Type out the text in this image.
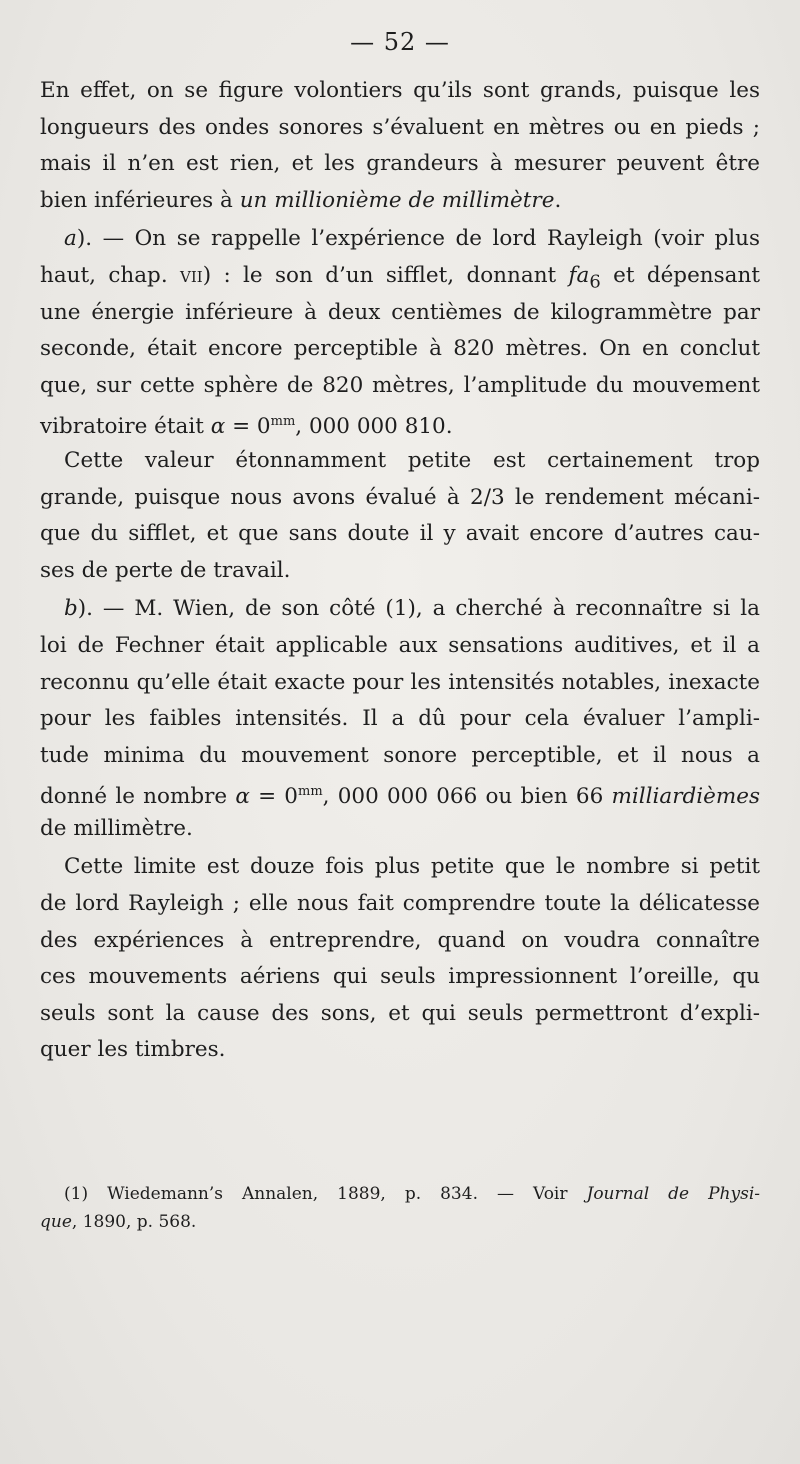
— 52 —
En effet, on se figure volontiers qu’ils sont grands, puisque les
longueurs des ondes sonores s’évaluent en mètres ou en pieds ;
mais il n’en est rien, et les grandeurs à mesurer peuvent être
bien inférieures à un millionième de millimètre.
a). — On se rappelle l’expérience de lord Rayleigh (voir plus
haut, chap. vii) : le son d’un sifflet, donnant $fa_6$ et dépensant
une énergie inférieure à deux centièmes de kilogrammètre par
seconde, était encore perceptible à 820 mètres. On en conclut
que, sur cette sphère de 820 mètres, l’amplitude du mouvement
vibratoire était $\alpha = 0^{mm}$, 000 000 810.
Cette valeur étonnamment petite est certainement trop
grande, puisque nous avons évalué à 2/3 le rendement mécani-
que du sifflet, et que sans doute il y avait encore d’autres cau-
ses de perte de travail.
b). — M. Wien, de son côté (1), a cherché à reconnaître si la
loi de Fechner était applicable aux sensations auditives, et il a
reconnu qu’elle était exacte pour les intensités notables, inexacte
pour les faibles intensités. Il a dû pour cela évaluer l’ampli-
tude minima du mouvement sonore perceptible, et il nous a
donné le nombre $\alpha = 0^{mm}$, 000 000 066 ou bien 66 milliardièmes
de millimètre.
Cette limite est douze fois plus petite que le nombre si petit
de lord Rayleigh ; elle nous fait comprendre toute la délicatesse
des expériences à entreprendre, quand on voudra connaître
ces mouvements aériens qui seuls impressionnent l’oreille, qu
seuls sont la cause des sons, et qui seuls permettront d’expli-
quer les timbres.
(1) Wiedemann’s Annalen, 1889, p. 834. — Voir Journal de Physi-
que, 1890, p. 568.
